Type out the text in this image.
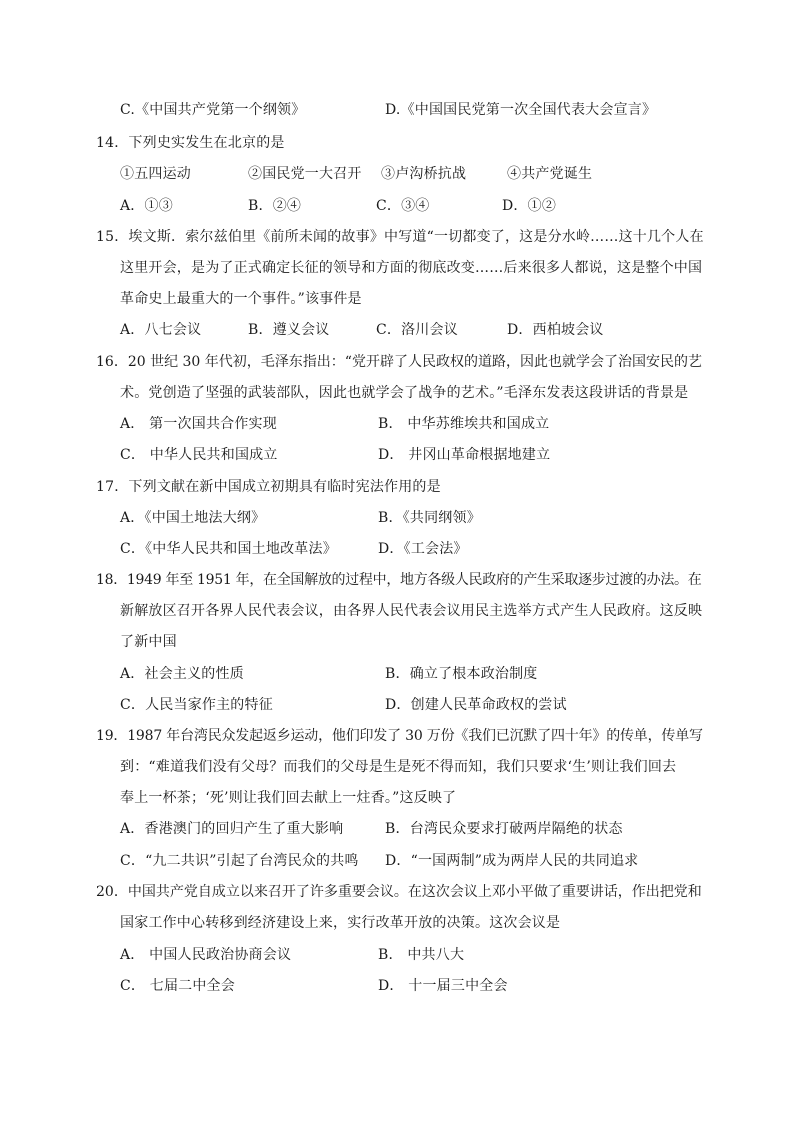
C.《中国共产党第一个纲领》	D.《中国国民党第一次全国代表大会宣言》
14．下列史实发生在北京的是
①五四运动	②国民党一大召开 ③卢沟桥抗战	④共产党诞生
A．①③	B．②④	C．③④	D．①②
15．埃文斯．索尔兹伯里《前所未闻的故事》中写道“一切都变了，这是分水岭……这十几个人在
这里开会，是为了正式确定长征的领导和方面的彻底改变……后来很多人都说，这是整个中国
革命史上最重大的一个事件。”该事件是
A．八七会议	B．遵义会议	C．洛川会议	D．西柏坡会议
16．20 世纪 30 年代初，毛泽东指出：“党开辟了人民政权的道路，因此也就学会了治国安民的艺
术。党创造了坚强的武装部队，因此也就学会了战争的艺术。”毛泽东发表这段讲话的背景是
A． 第一次国共合作实现	B． 中华苏维埃共和国成立
C． 中华人民共和国成立	D． 井冈山革命根据地建立
17．下列文献在新中国成立初期具有临时宪法作用的是
A．《中国土地法大纲》	B．《共同纲领》
C．《中华人民共和国土地改革法》	D．《工会法》
18．1949 年至 1951 年，在全国解放的过程中，地方各级人民政府的产生采取逐步过渡的办法。在
新解放区召开各界人民代表会议，由各界人民代表会议用民主选举方式产生人民政府。这反映
了新中国
A．社会主义的性质	B．确立了根本政治制度
C．人民当家作主的特征	D．创建人民革命政权的尝试
19．1987 年台湾民众发起返乡运动，他们印发了 30 万份《我们已沉默了四十年》的传单，传单写
到：“难道我们没有父母？而我们的父母是生是死不得而知，我们只要求‘生’则让我们回去
奉上一杯茶；‘死’则让我们回去献上一炷香。”这反映了
A．香港澳门的回归产生了重大影响	B．台湾民众要求打破两岸隔绝的状态
C．“九二共识”引起了台湾民众的共鸣 D．“一国两制”成为两岸人民的共同追求
20．中国共产党自成立以来召开了许多重要会议。在这次会议上邓小平做了重要讲话，作出把党和
国家工作中心转移到经济建设上来，实行改革开放的决策。这次会议是
A． 中国人民政治协商会议	B． 中共八大
C． 七届二中全会	D． 十一届三中全会
